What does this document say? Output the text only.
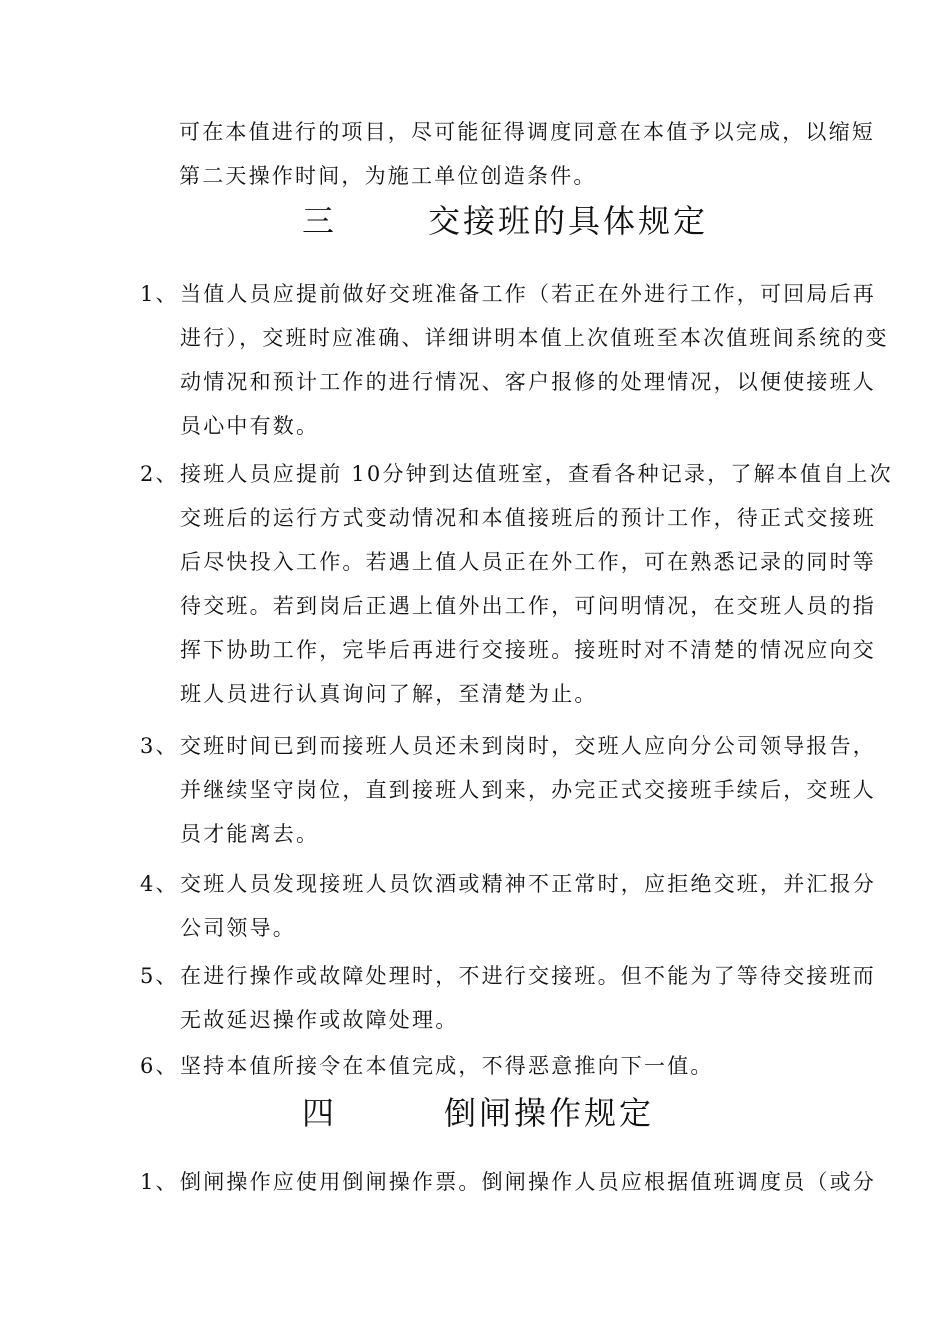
可在本值进行的项目，尽可能征得调度同意在本值予以完成，以缩短
第二天操作时间，为施工单位创造条件。
三	交接班的具体规定
1、当值人员应提前做好交班准备工作（若正在外进行工作，可回局后再
进行），交班时应准确、详细讲明本值上次值班至本次值班间系统的变
动情况和预计工作的进行情况、客户报修的处理情况，以便使接班人
员心中有数。
2、接班人员应提前 10分钟到达值班室，查看各种记录，了解本值自上次
交班后的运行方式变动情况和本值接班后的预计工作，待正式交接班
后尽快投入工作。若遇上值人员正在外工作，可在熟悉记录的同时等
待交班。若到岗后正遇上值外出工作，可问明情况，在交班人员的指
挥下协助工作，完毕后再进行交接班。接班时对不清楚的情况应向交
班人员进行认真询问了解，至清楚为止。
3、交班时间已到而接班人员还未到岗时，交班人应向分公司领导报告，
并继续坚守岗位，直到接班人到来，办完正式交接班手续后，交班人
员才能离去。
4、交班人员发现接班人员饮酒或精神不正常时，应拒绝交班，并汇报分
公司领导。
5、在进行操作或故障处理时，不进行交接班。但不能为了等待交接班而
无故延迟操作或故障处理。
6、坚持本值所接令在本值完成，不得恶意推向下一值。
四	倒闸操作规定
1、倒闸操作应使用倒闸操作票。倒闸操作人员应根据值班调度员（或分
